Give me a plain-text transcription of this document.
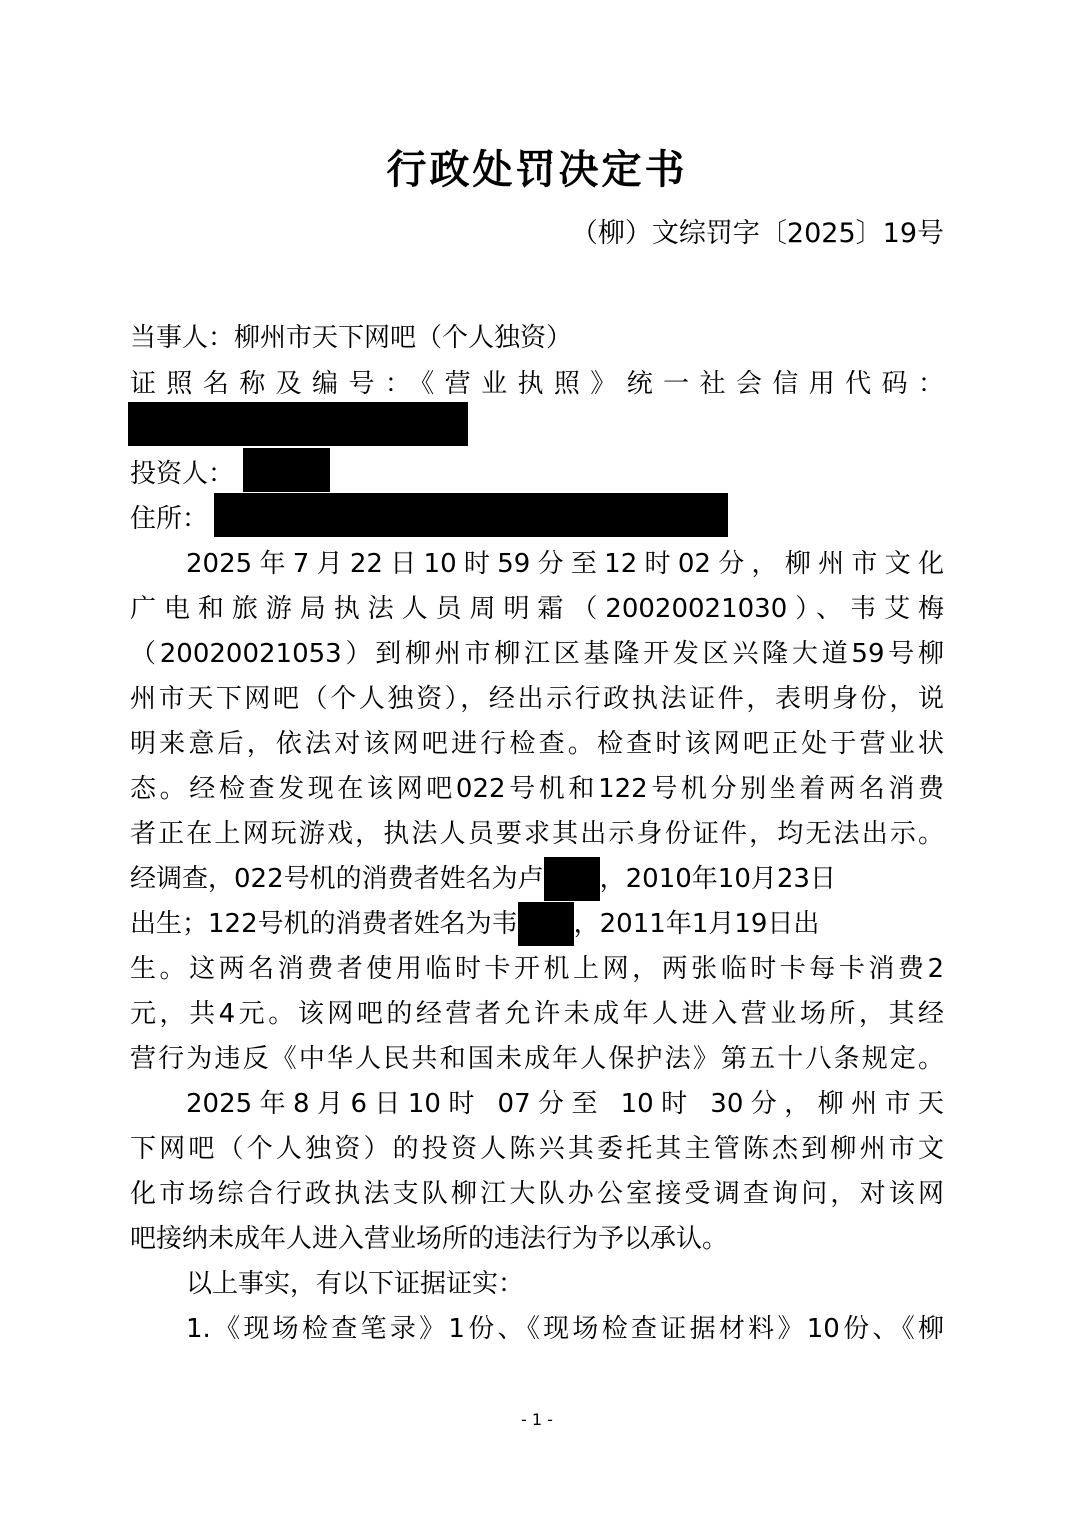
行政处罚决定书
（柳）文综罚字〔2025〕19号
当事人：柳州市天下网吧（个人独资）
证照名称及编号：《营业执照》统一社会信用代码：
投资人：
住所：
2025年7月22日10时59分至12时02分，柳州市文化
广电和旅游局执法人员周明霜（20020021030）、韦艾梅
（20020021053）到柳州市柳江区基隆开发区兴隆大道59号柳
州市天下网吧（个人独资），经出示行政执法证件，表明身份，说
明来意后，依法对该网吧进行检查。检查时该网吧正处于营业状
态。经检查发现在该网吧022号机和122号机分别坐着两名消费
者正在上网玩游戏，执法人员要求其出示身份证件，均无法出示。
经调查，022号机的消费者姓名为卢 ，2010年10月23日
出生；122号机的消费者姓名为韦 ，2011年1月19日出
生。这两名消费者使用临时卡开机上网，两张临时卡每卡消费2
元，共4元。该网吧的经营者允许未成年人进入营业场所，其经
营行为违反《中华人民共和国未成年人保护法》第五十八条规定。
2025年8月6日10时 07分至 10时 30分，柳州市天
下网吧（个人独资）的投资人陈兴其委托其主管陈杰到柳州市文
化市场综合行政执法支队柳江大队办公室接受调查询问，对该网
吧接纳未成年人进入营业场所的违法行为予以承认。
以上事实，有以下证据证实：
1.《现场检查笔录》1份、《现场检查证据材料》10份、《柳
- 1 -
